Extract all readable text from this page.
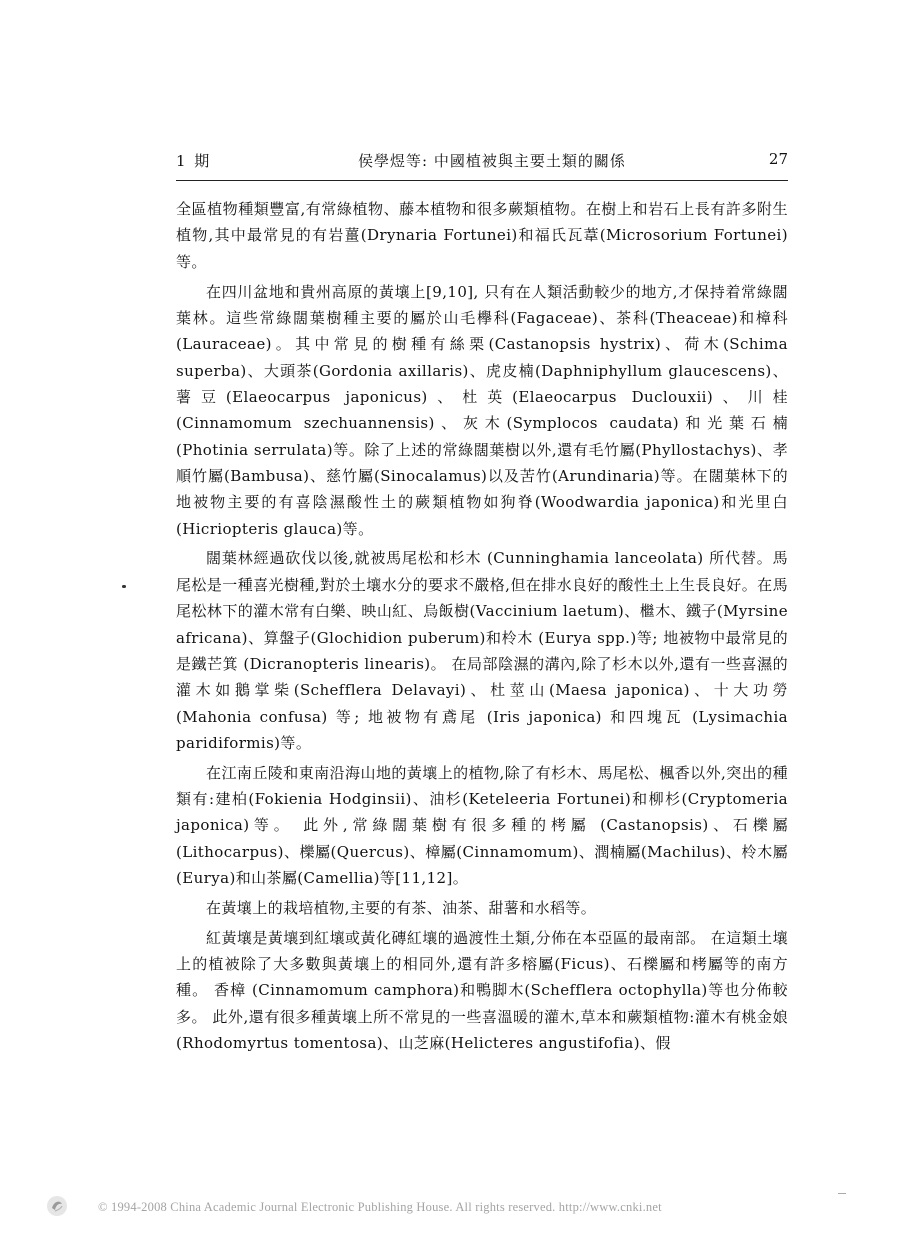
1 期	侯學煜等: 中國植被與主要土類的關係	27

全區植物種類豐富,有常綠植物、藤本植物和很多蕨類植物。在樹上和岩石上長有許多附生植物,其中最常見的有岩薑(Drynaria Fortunei)和福氏瓦葦(Microsorium Fortunei)等。

在四川盆地和貴州高原的黃壤上[9,10], 只有在人類活動較少的地方,才保持着常綠闊葉林。這些常綠闊葉樹種主要的屬於山毛欅科(Fagaceae)、茶科(Theaceae)和樟科(Lauraceae)。其中常見的樹種有絲栗(Castanopsis hystrix)、荷木(Schima superba)、大頭茶(Gordonia axillaris)、虎皮楠(Daphniphyllum glaucescens)、薯豆(Elaeocarpus japonicus)、杜英(Elaeocarpus Duclouxii)、川桂(Cinnamomum szechuannensis)、灰木(Symplocos caudata)和光葉石楠(Photinia serrulata)等。除了上述的常綠闊葉樹以外,還有毛竹屬(Phyllostachys)、孝順竹屬(Bambusa)、慈竹屬(Sinocalamus)以及苦竹(Arundinaria)等。在闊葉林下的地被物主要的有喜陰濕酸性土的蕨類植物如狗脊(Woodwardia japonica)和光里白(Hicriopteris glauca)等。

闊葉林經過砍伐以後,就被馬尾松和杉木 (Cunninghamia lanceolata) 所代替。馬尾松是一種喜光樹種,對於土壤水分的要求不嚴格,但在排水良好的酸性土上生長良好。在馬尾松林下的灌木常有白樂、映山紅、烏飯樹(Vaccinium laetum)、檵木、鐵子(Myrsine africana)、算盤子(Glochidion puberum)和柃木 (Eurya spp.)等; 地被物中最常見的是鐵芒箕 (Dicranopteris linearis)。 在局部陰濕的溝內,除了杉木以外,還有一些喜濕的灌木如鵝掌柴(Schefflera Delavayi)、杜莖山(Maesa japonica)、十大功勞 (Mahonia confusa) 等; 地被物有鳶尾 (Iris japonica) 和四塊瓦 (Lysimachia paridiformis)等。

在江南丘陵和東南沿海山地的黃壤上的植物,除了有杉木、馬尾松、楓香以外,突出的種類有:建柏(Fokienia Hodginsii)、油杉(Keteleeria Fortunei)和柳杉(Cryptomeria japonica)等。 此外,常綠闊葉樹有很多種的栲屬 (Castanopsis)、石櫟屬(Lithocarpus)、櫟屬(Quercus)、樟屬(Cinnamomum)、潤楠屬(Machilus)、柃木屬(Eurya)和山茶屬(Camellia)等[11,12]。

在黃壤上的栽培植物,主要的有茶、油茶、甜薯和水稻等。

紅黃壤是黃壤到紅壤或黃化磚紅壤的過渡性土類,分佈在本亞區的最南部。 在這類土壤上的植被除了大多數與黃壤上的相同外,還有許多榕屬(Ficus)、石櫟屬和栲屬等的南方種。 香樟 (Cinnamomum camphora)和鴨脚木(Schefflera octophylla)等也分佈較多。 此外,還有很多種黃壤上所不常見的一些喜溫暖的灌木,草本和蕨類植物:灌木有桃金娘(Rhodomyrtus tomentosa)、山芝麻(Helicteres angustifofia)、假

© 1994-2008 China Academic Journal Electronic Publishing House. All rights reserved. http://www.cnki.net
